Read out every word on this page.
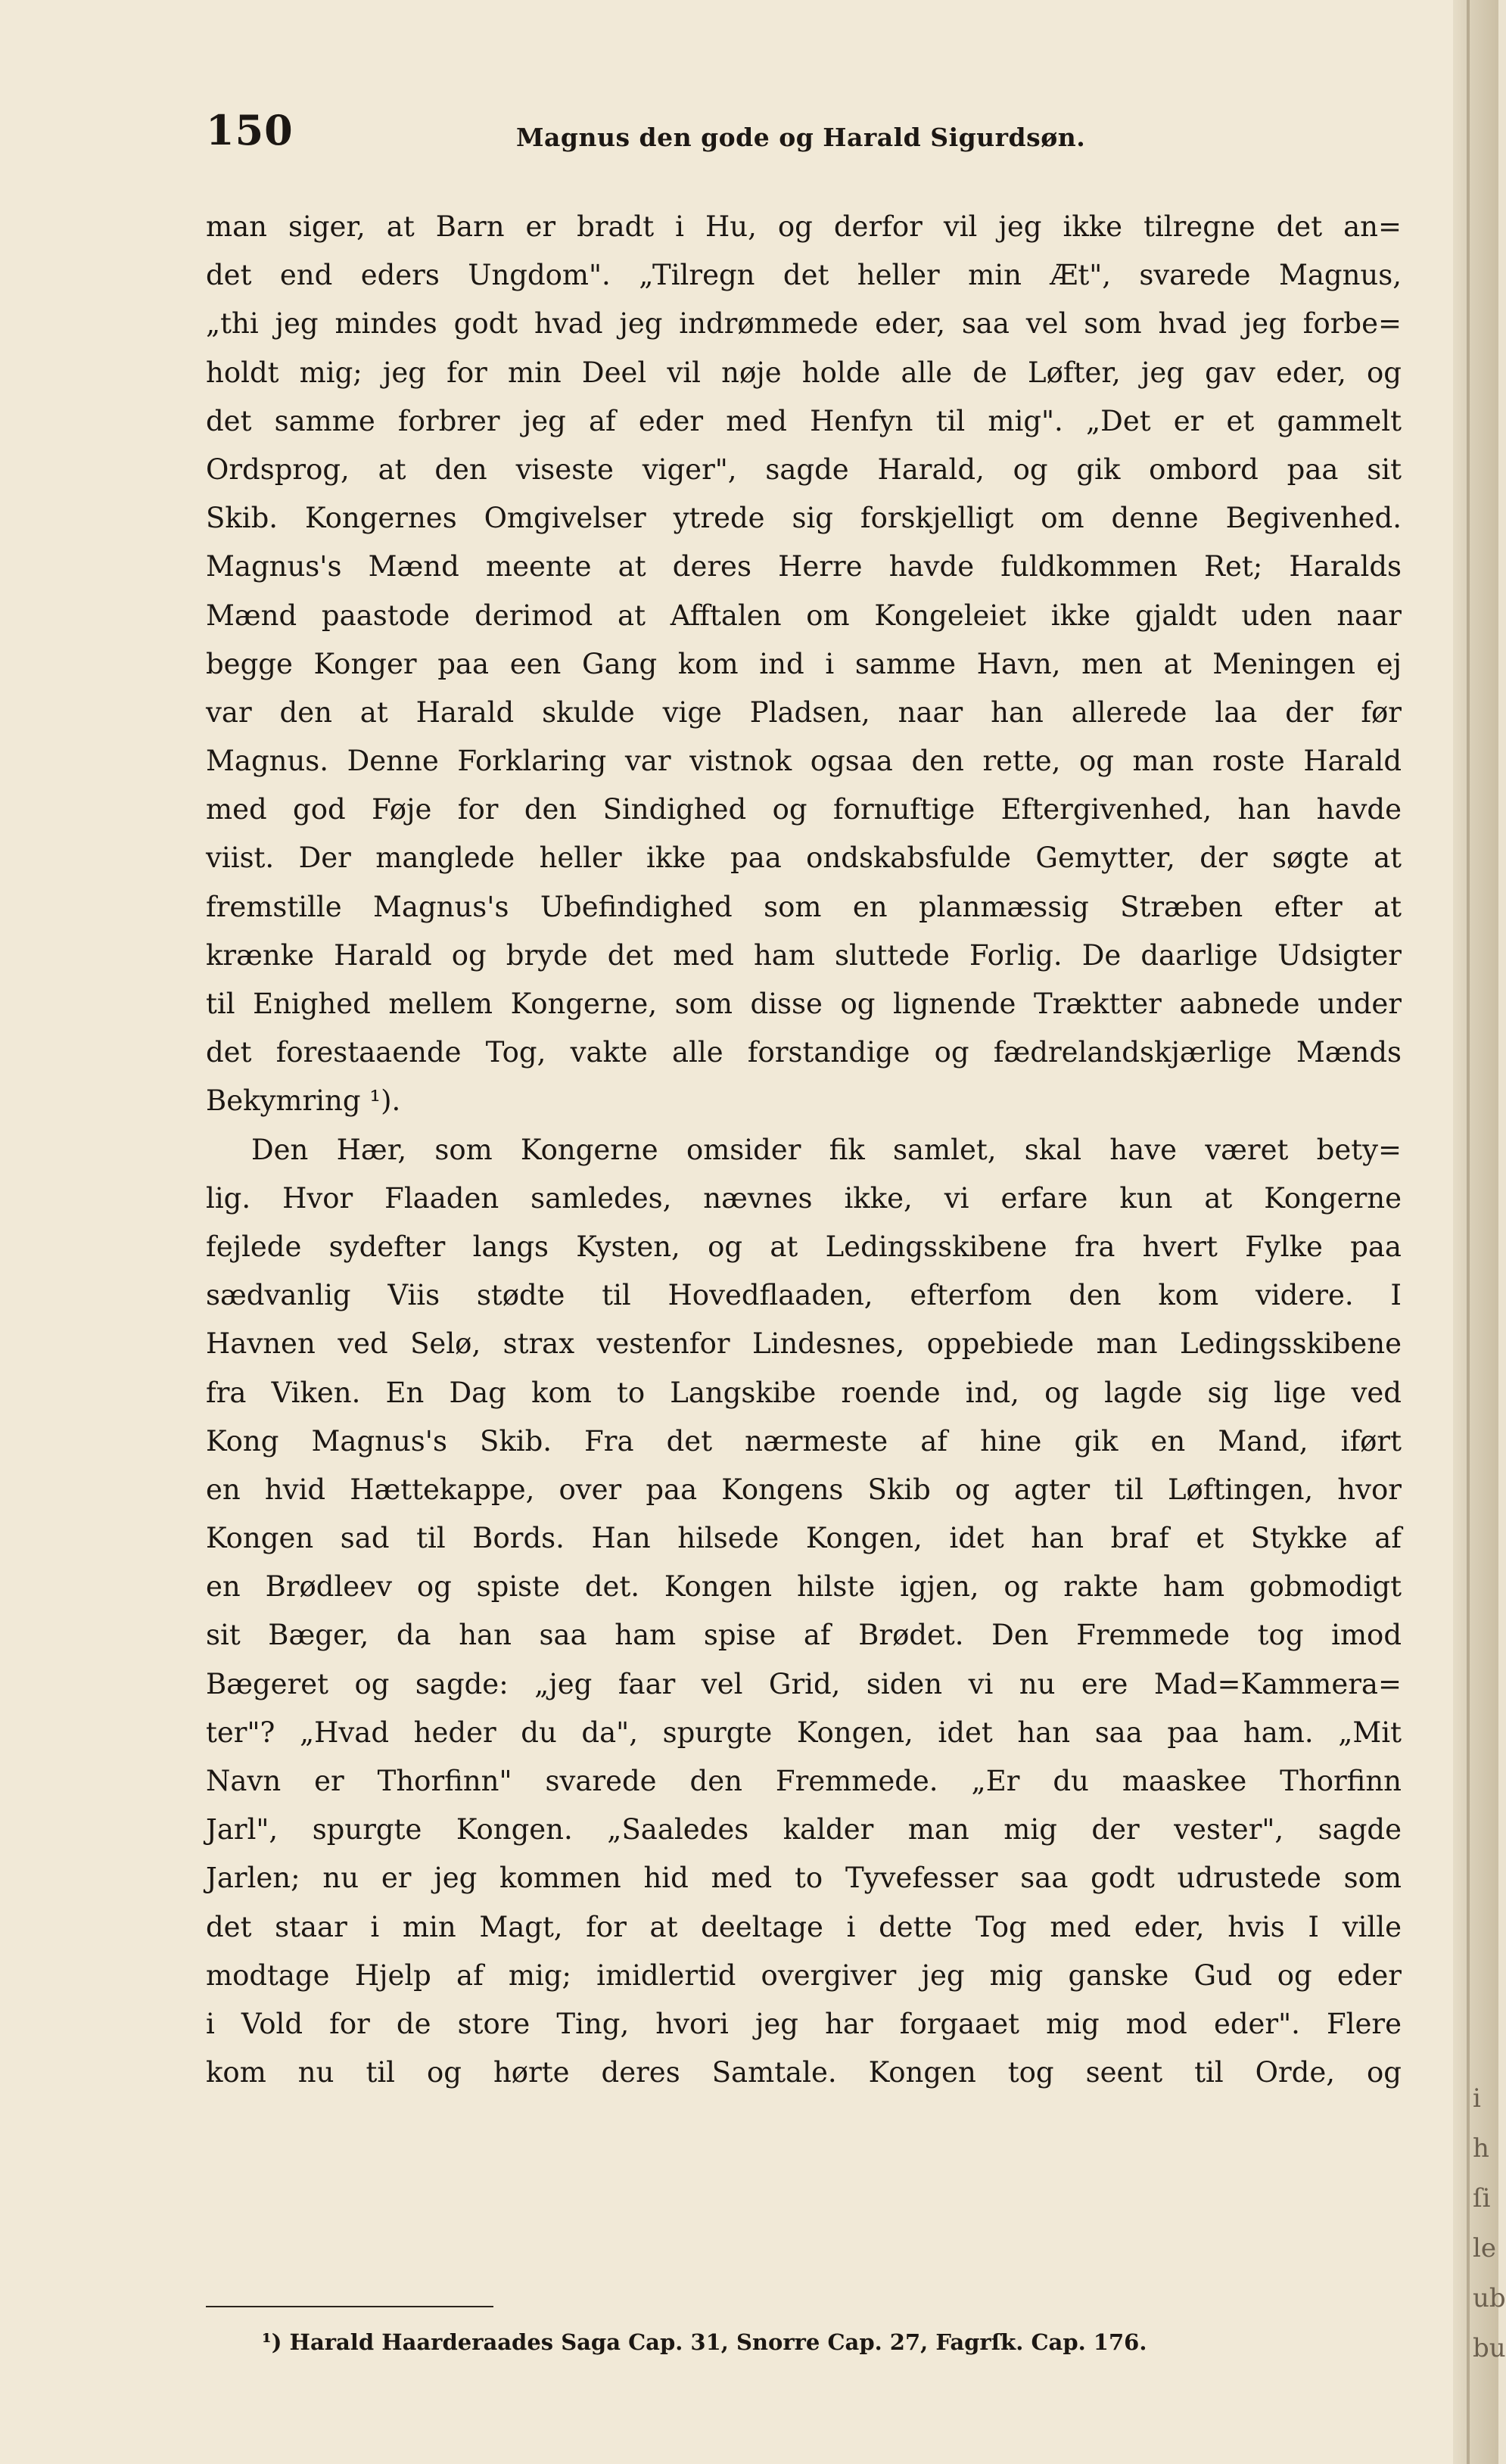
150	Magnus den gode og Harald Sigurdsøn.
man siger, at Barn er bradt i Hu, og derfor vil jeg ikke tilregne det an=
det end eders Ungdom". „Tilregn det heller min Æt", svarede Magnus,
„thi jeg mindes godt hvad jeg indrømmede eder, saa vel som hvad jeg forbe=
holdt mig; jeg for min Deel vil nøje holde alle de Løfter, jeg gav eder, og
det samme forbrer jeg af eder med Henfyn til mig". „Det er et gammelt
Ordsprog, at den viseste viger", sagde Harald, og gik ombord paa sit
Skib. Kongernes Omgivelser ytrede sig forskjelligt om denne Begivenhed.
Magnus's Mænd meente at deres Herre havde fuldkommen Ret; Haralds
Mænd paastode derimod at Afftalen om Kongeleiet ikke gjaldt uden naar
begge Konger paa een Gang kom ind i samme Havn, men at Meningen ej
var den at Harald skulde vige Pladsen, naar han allerede laa der før
Magnus. Denne Forklaring var vistnok ogsaa den rette, og man roste Harald
med god Føje for den Sindighed og fornuftige Eftergivenhed, han havde
viist. Der manglede heller ikke paa ondskabsfulde Gemytter, der søgte at
fremstille Magnus's Ubefindighed som en planmæssig Stræben efter at
krænke Harald og bryde det med ham sluttede Forlig. De daarlige Udsigter
til Enighed mellem Kongerne, som disse og lignende Træktter aabnede under
det forestaaende Tog, vakte alle forstandige og fædrelandskjærlige Mænds
Bekymring ¹).
Den Hær, som Kongerne omsider fik samlet, skal have været bety=
lig. Hvor Flaaden samledes, nævnes ikke, vi erfare kun at Kongerne
fejlede sydefter langs Kysten, og at Ledingsskibene fra hvert Fylke paa
sædvanlig Viis stødte til Hovedflaaden, efterfom den kom videre. I
Havnen ved Selø, strax vestenfor Lindesnes, oppebiede man Ledingsskibene
fra Viken. En Dag kom to Langskibe roende ind, og lagde sig lige ved
Kong Magnus's Skib. Fra det nærmeste af hine gik en Mand, iført
en hvid Hættekappe, over paa Kongens Skib og agter til Løftingen, hvor
Kongen sad til Bords. Han hilsede Kongen, idet han braf et Stykke af
en Brødleev og spiste det. Kongen hilste igjen, og rakte ham gobmodigt
sit Bæger, da han saa ham spise af Brødet. Den Fremmede tog imod
Bægeret og sagde: „jeg faar vel Grid, siden vi nu ere Mad=Kammera=
ter"? „Hvad heder du da", spurgte Kongen, idet han saa paa ham. „Mit
Navn er Thorfinn" svarede den Fremmede. „Er du maaskee Thorfinn
Jarl", spurgte Kongen. „Saaledes kalder man mig der vester", sagde
Jarlen; nu er jeg kommen hid med to Tyvefesser saa godt udrustede som
det staar i min Magt, for at deeltage i dette Tog med eder, hvis I ville
modtage Hjelp af mig; imidlertid overgiver jeg mig ganske Gud og eder
i Vold for de store Ting, hvori jeg har forgaaet mig mod eder". Flere
kom nu til og hørte deres Samtale. Kongen tog seent til Orde, og
¹) Harald Haarderaades Saga Cap. 31, Snorre Cap. 27, Fagrſk. Cap. 176.
i
h
ſi
le
ub
bu
